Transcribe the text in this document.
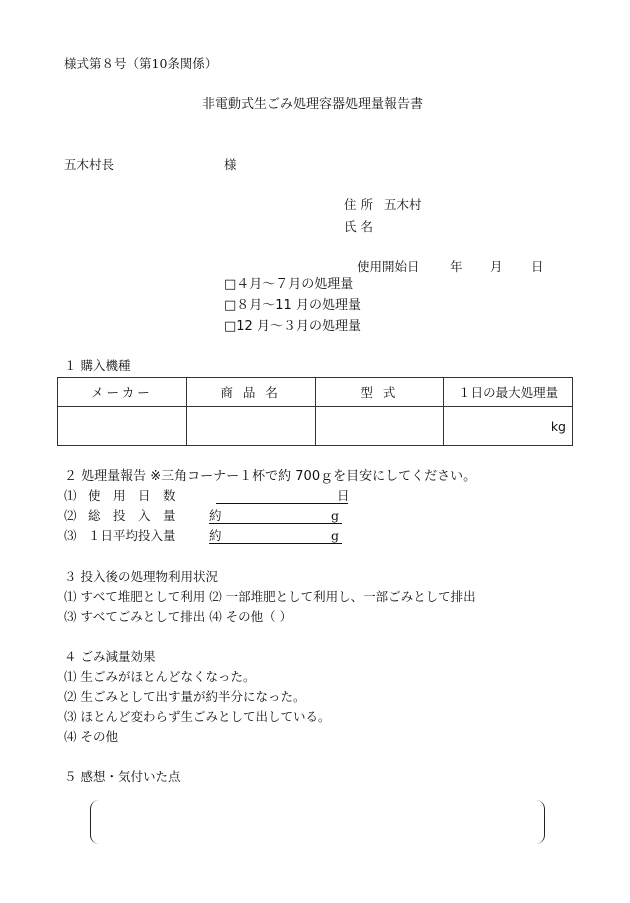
様式第８号（第10条関係）
非電動式生ごみ処理容器処理量報告書
五木村長	様
住 所 五木村
氏 名
使用開始日 年 月 日
□４月～７月の処理量
□８月～11 月の処理量
□12 月～３月の処理量
１ 購入機種
メーカー	商 品 名	型 式	１日の最大処理量
			kg
２ 処理量報告 ※三角コーナー１杯で約 700ｇを目安にしてください。
⑴ 使　用　日　数	日
⑵ 総　投　入　量	約	g
⑶ １日平均投入量	約	g
３ 投入後の処理物利用状況
⑴ すべて堆肥として利用 ⑵ 一部堆肥として利用し、一部ごみとして排出
⑶ すべてごみとして排出 ⑷ その他（ ）
４ ごみ減量効果
⑴ 生ごみがほとんどなくなった。
⑵ 生ごみとして出す量が約半分になった。
⑶ ほとんど変わらず生ごみとして出している。
⑷ その他
５ 感想・気付いた点
